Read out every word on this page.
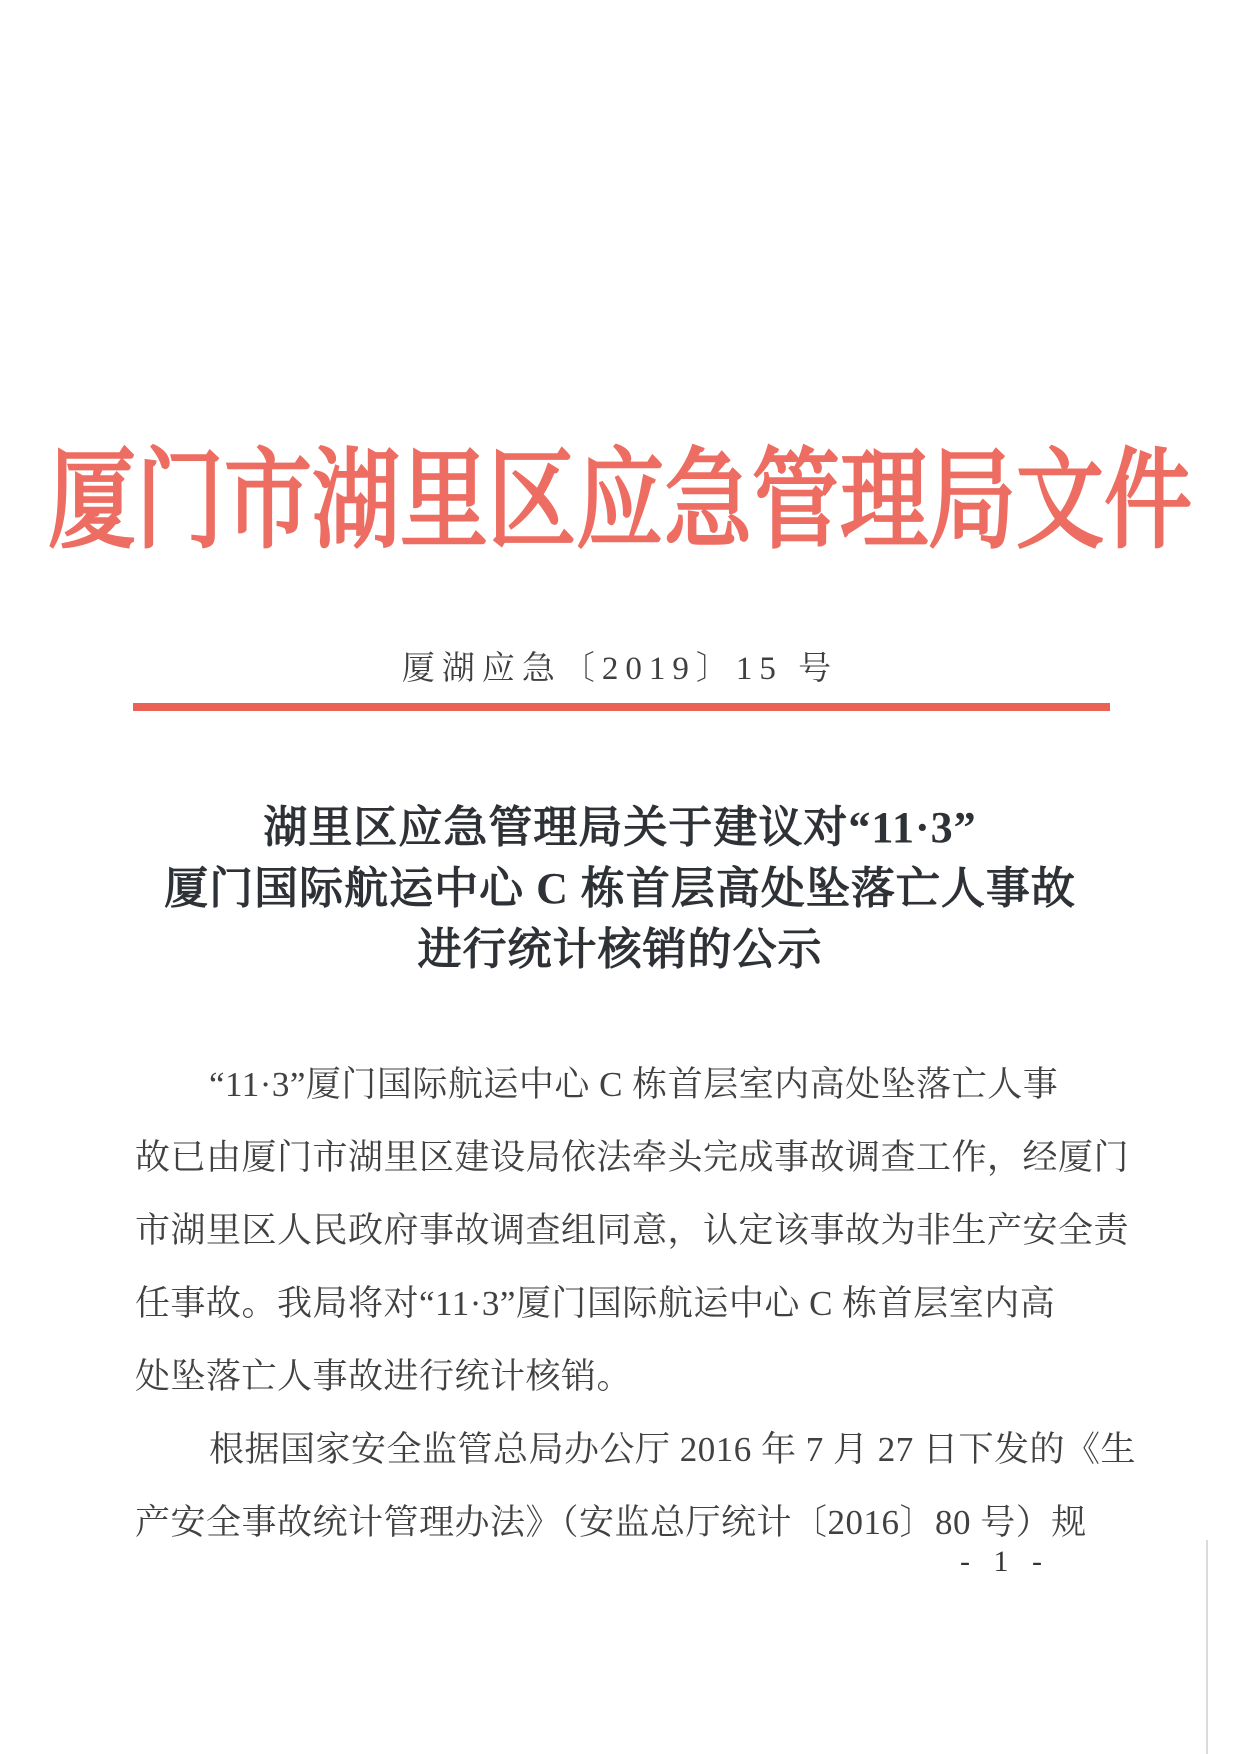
厦门市湖里区应急管理局文件
厦湖应急〔2019〕15 号
湖里区应急管理局关于建议对“11·3”
厦门国际航运中心 C 栋首层高处坠落亡人事故
进行统计核销的公示
“11·3”厦门国际航运中心 C 栋首层室内高处坠落亡人事
故已由厦门市湖里区建设局依法牵头完成事故调查工作，经厦门
市湖里区人民政府事故调查组同意，认定该事故为非生产安全责
任事故。我局将对“11·3”厦门国际航运中心 C 栋首层室内高
处坠落亡人事故进行统计核销。
根据国家安全监管总局办公厅 2016 年 7 月 27 日下发的《生
产安全事故统计管理办法》（安监总厅统计〔2016〕80 号）规
- 1 -
